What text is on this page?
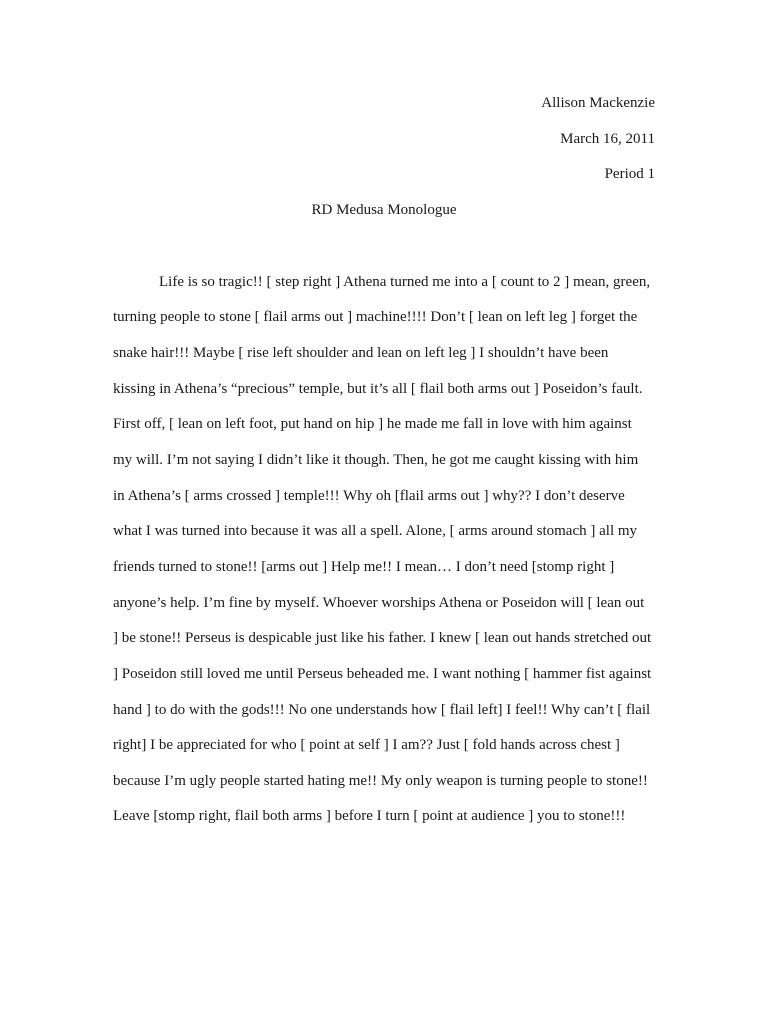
Allison Mackenzie
March 16, 2011
Period 1
RD Medusa Monologue
Life is so tragic!! [ step right ] Athena turned me into a [ count to 2 ] mean, green,
turning people to stone [ flail arms out ] machine!!!! Don’t [ lean on left leg ] forget the
snake hair!!! Maybe [ rise left shoulder and lean on left leg ] I shouldn’t have been
kissing in Athena’s “precious” temple, but it’s all [ flail both arms out ] Poseidon’s fault.
First off, [ lean on left foot, put hand on hip ] he made me fall in love with him against
my will. I’m not saying I didn’t like it though. Then, he got me caught kissing with him
in Athena’s [ arms crossed ] temple!!! Why oh [flail arms out ] why?? I don’t deserve
what I was turned into because it was all a spell. Alone, [ arms around stomach ] all my
friends turned to stone!! [arms out ] Help me!! I mean… I don’t need [stomp right ]
anyone’s help. I’m fine by myself. Whoever worships Athena or Poseidon will [ lean out
] be stone!! Perseus is despicable just like his father. I knew [ lean out hands stretched out
] Poseidon still loved me until Perseus beheaded me. I want nothing [ hammer fist against
hand ] to do with the gods!!! No one understands how [ flail left] I feel!! Why can’t [ flail
right] I be appreciated for who [ point at self ] I am?? Just [ fold hands across chest ]
because I’m ugly people started hating me!! My only weapon is turning people to stone!!
Leave [stomp right, flail both arms ] before I turn [ point at audience ] you to stone!!!
